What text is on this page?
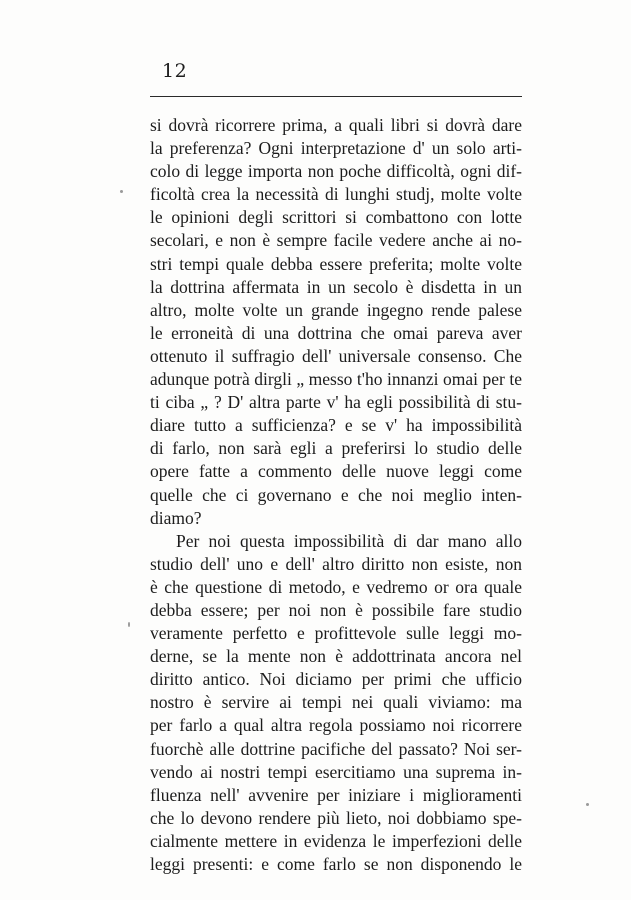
12
si dovrà ricorrere prima, a quali libri si dovrà dare
la preferenza? Ogni interpretazione d' un solo arti-
colo di legge importa non poche difficoltà, ogni dif-
ficoltà crea la necessità di lunghi studj, molte volte
le opinioni degli scrittori si combattono con lotte
secolari, e non è sempre facile vedere anche ai no-
stri tempi quale debba essere preferita; molte volte
la dottrina affermata in un secolo è disdetta in un
altro, molte volte un grande ingegno rende palese
le erroneità di una dottrina che omai pareva aver
ottenuto il suffragio dell' universale consenso. Che
adunque potrà dirgli „ messo t'ho innanzi omai per te
ti ciba „ ? D' altra parte v' ha egli possibilità di stu-
diare tutto a sufficienza? e se v' ha impossibilità
di farlo, non sarà egli a preferirsi lo studio delle
opere fatte a commento delle nuove leggi come
quelle che ci governano e che noi meglio inten-
diamo?
Per noi questa impossibilità di dar mano allo
studio dell' uno e dell' altro diritto non esiste, non
è che questione di metodo, e vedremo or ora quale
debba essere; per noi non è possibile fare studio
veramente perfetto e profittevole sulle leggi mo-
derne, se la mente non è addottrinata ancora nel
diritto antico. Noi diciamo per primi che ufficio
nostro è servire ai tempi nei quali viviamo: ma
per farlo a qual altra regola possiamo noi ricorrere
fuorchè alle dottrine pacifiche del passato? Noi ser-
vendo ai nostri tempi esercitiamo una suprema in-
fluenza nell' avvenire per iniziare i miglioramenti
che lo devono rendere più lieto, noi dobbiamo spe-
cialmente mettere in evidenza le imperfezioni delle
leggi presenti: e come farlo se non disponendo le
